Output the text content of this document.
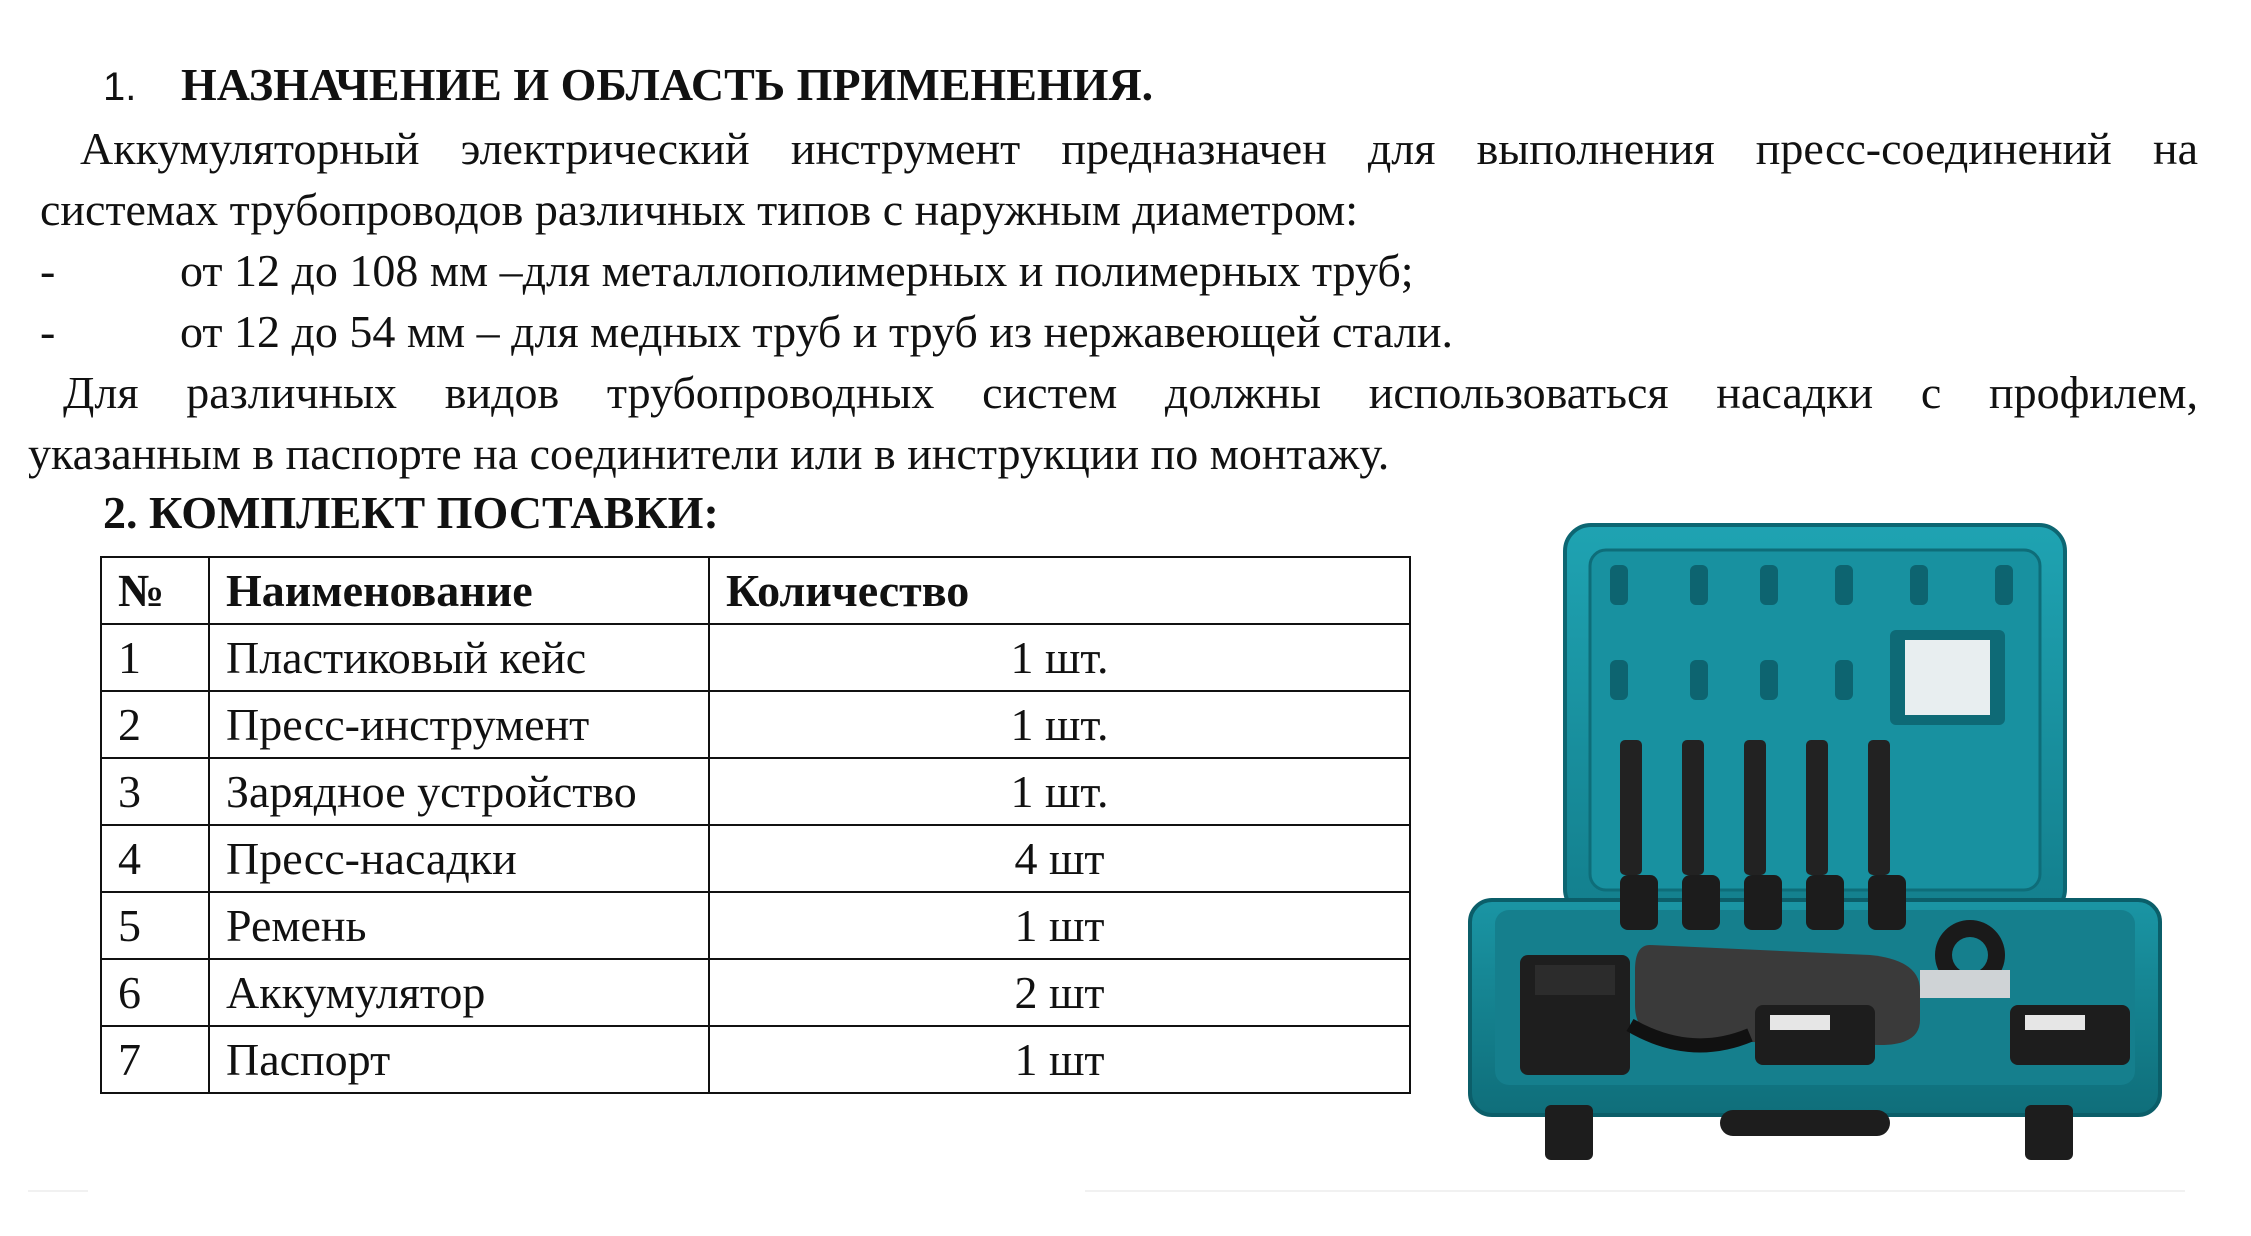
1. НАЗНАЧЕНИЕ И ОБЛАСТЬ ПРИМЕНЕНИЯ.
Аккумуляторный электрический инструмент предназначен для выполнения пресс-соединений на
системах трубопроводов различных типов с наружным диаметром:
-	от 12 до 108 мм –для металлополимерных и полимерных труб;
-	от 12 до 54 мм – для медных труб и труб из нержавеющей стали.
Для различных видов трубопроводных систем должны использоваться насадки с профилем,
указанным в паспорте на соединители или в инструкции по монтажу.
2. КОМПЛЕКТ ПОСТАВКИ:
№	Наименование	Количество
1	Пластиковый кейс	1 шт.
2	Пресс-инструмент	1 шт.
3	Зарядное устройство	1 шт.
4	Пресс-насадки	4 шт
5	Ремень	1 шт
6	Аккумулятор	2 шт
7	Паспорт	1 шт
